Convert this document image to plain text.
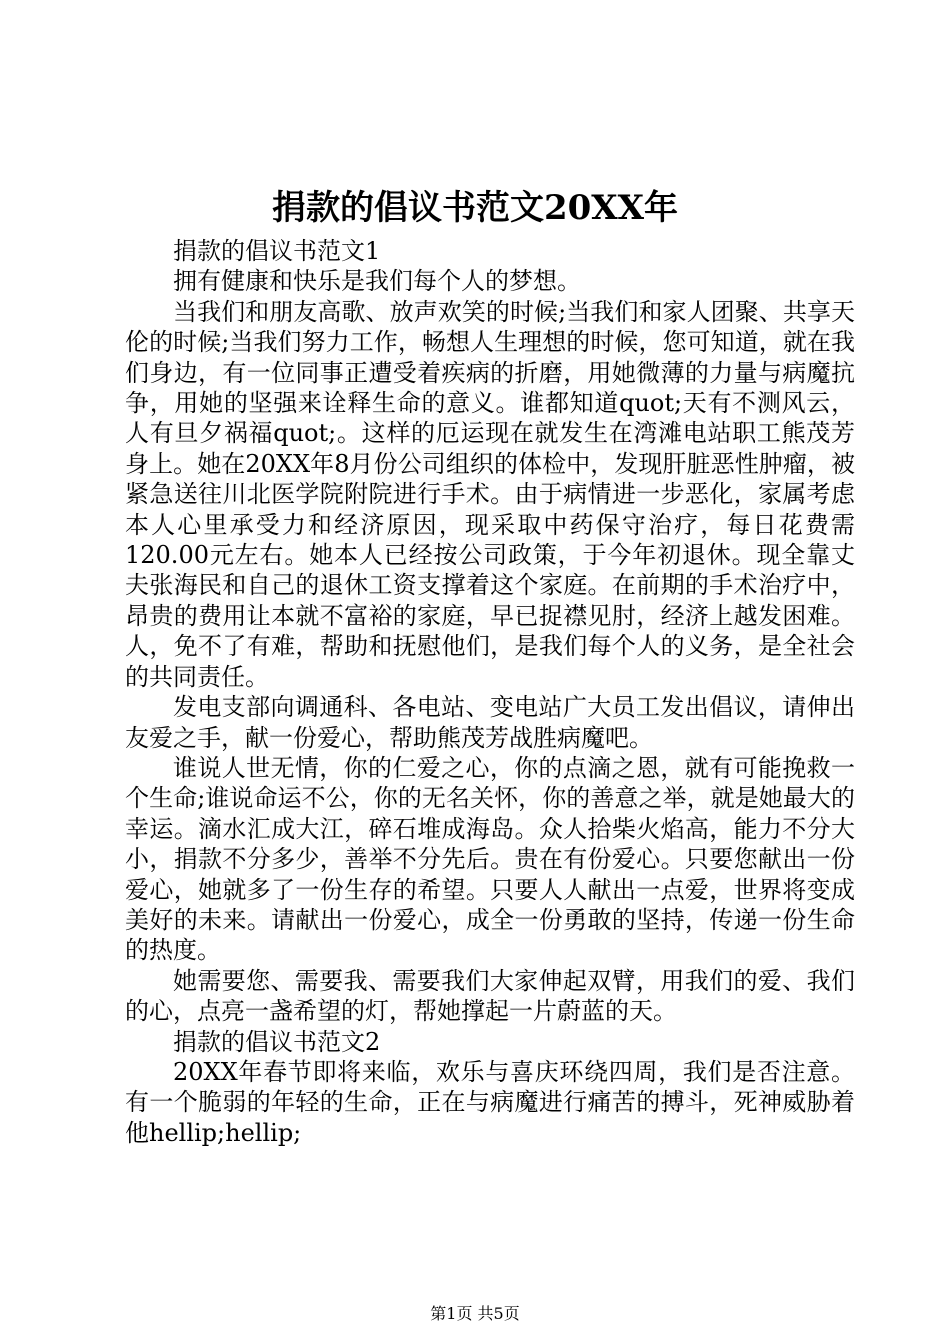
捐款的倡议书范文20XX年

捐款的倡议书范文1

拥有健康和快乐是我们每个人的梦想。

当我们和朋友高歌、放声欢笑的时候;当我们和家人团聚、共享天伦的时候;当我们努力工作，畅想人生理想的时候，您可知道，就在我们身边，有一位同事正遭受着疾病的折磨，用她微薄的力量与病魔抗争，用她的坚强来诠释生命的意义。谁都知道quot;天有不测风云，人有旦夕祸福quot;。这样的厄运现在就发生在湾滩电站职工熊茂芳身上。她在20XX年8月份公司组织的体检中，发现肝脏恶性肿瘤，被紧急送往川北医学院附院进行手术。由于病情进一步恶化，家属考虑本人心里承受力和经济原因，现采取中药保守治疗，每日花费需120.00元左右。她本人已经按公司政策，于今年初退休。现全靠丈夫张海民和自己的退休工资支撑着这个家庭。在前期的手术治疗中，昂贵的费用让本就不富裕的家庭，早已捉襟见肘，经济上越发困难。人，免不了有难，帮助和抚慰他们，是我们每个人的义务，是全社会的共同责任。

发电支部向调通科、各电站、变电站广大员工发出倡议，请伸出友爱之手，献一份爱心，帮助熊茂芳战胜病魔吧。

谁说人世无情，你的仁爱之心，你的点滴之恩，就有可能挽救一个生命;谁说命运不公，你的无名关怀，你的善意之举，就是她最大的幸运。滴水汇成大江，碎石堆成海岛。众人拾柴火焰高，能力不分大小，捐款不分多少，善举不分先后。贵在有份爱心。只要您献出一份爱心，她就多了一份生存的希望。只要人人献出一点爱，世界将变成美好的未来。请献出一份爱心，成全一份勇敢的坚持，传递一份生命的热度。

她需要您、需要我、需要我们大家伸起双臂，用我们的爱、我们的心，点亮一盏希望的灯，帮她撑起一片蔚蓝的天。

捐款的倡议书范文2

20XX年春节即将来临，欢乐与喜庆环绕四周，我们是否注意。有一个脆弱的年轻的生命，正在与病魔进行痛苦的搏斗，死神威胁着他hellip;hellip;

第1页 共5页
